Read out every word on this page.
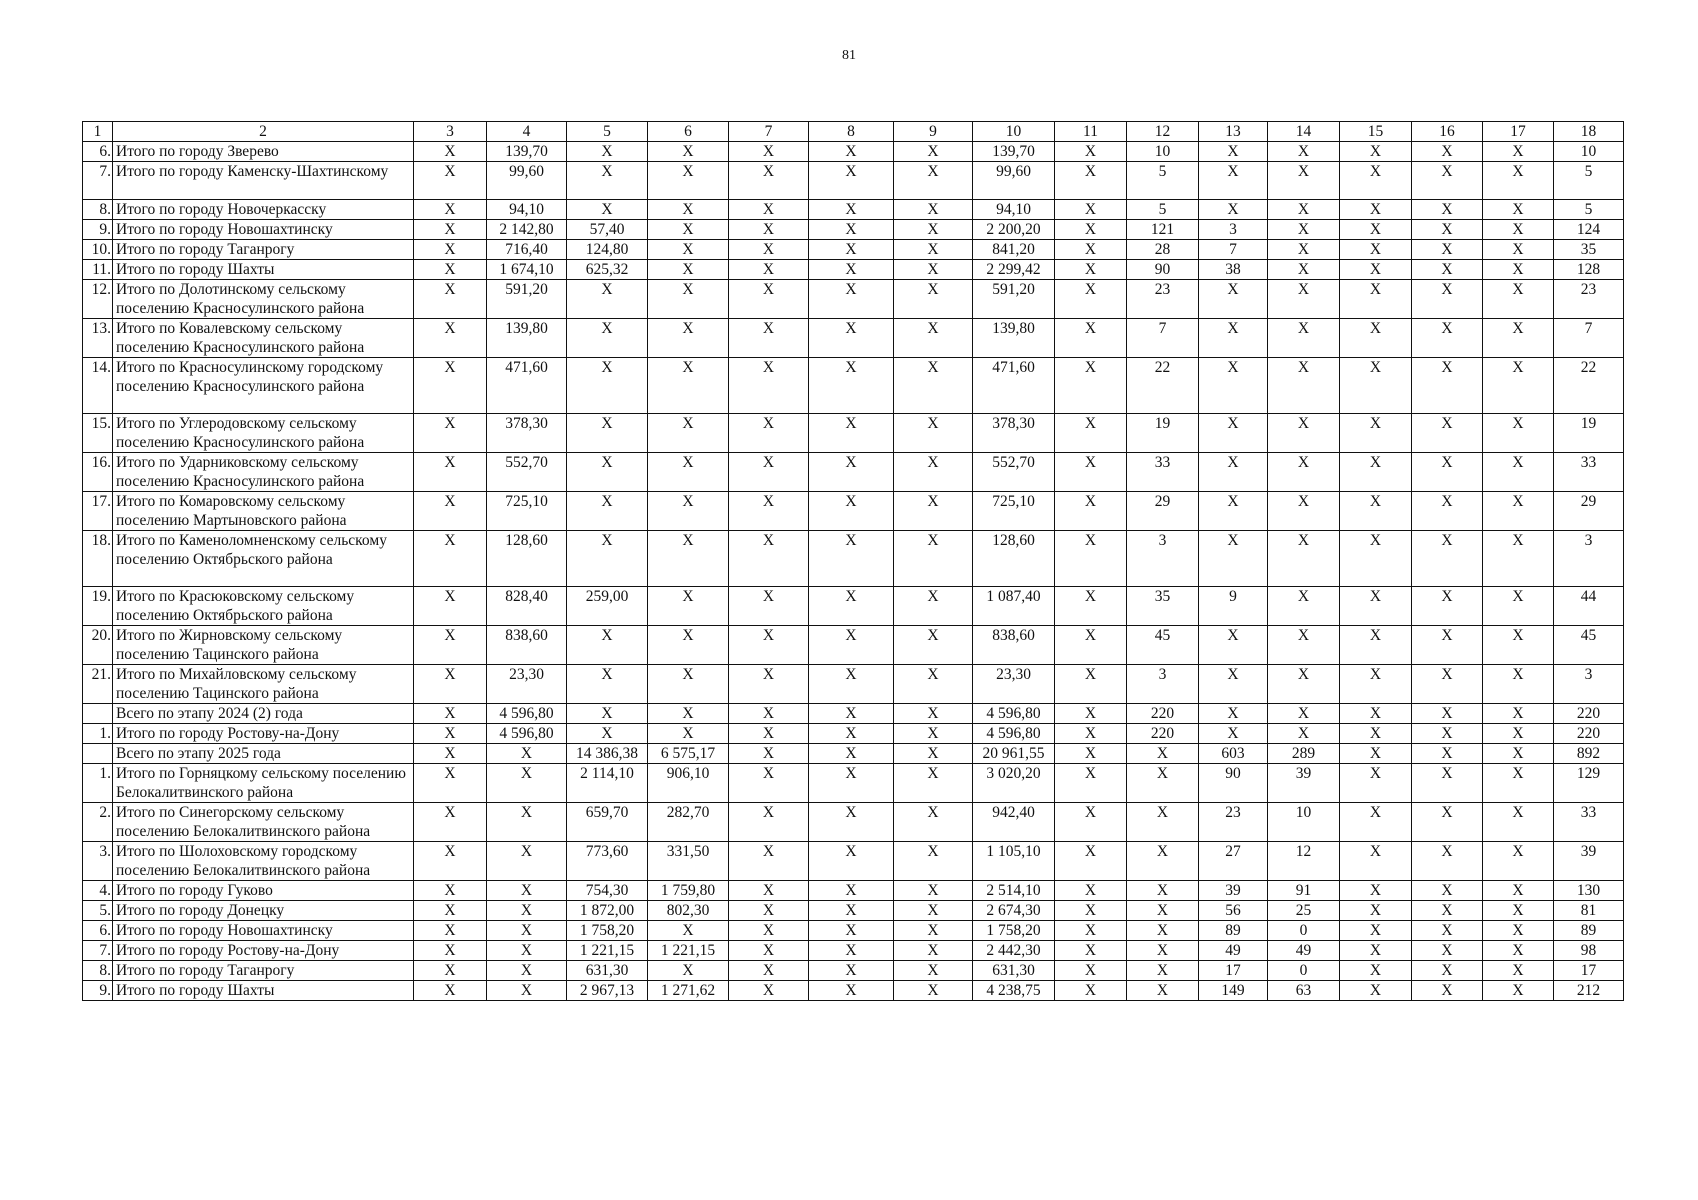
81
1	2	3	4	5	6	7	8	9	10	11	12	13	14	15	16	17	18
6.	Итого по городу Зверево	X	139,70	X	X	X	X	X	139,70	X	10	X	X	X	X	X	10
7.	Итого по городу Каменску-Шахтинскому	X	99,60	X	X	X	X	X	99,60	X	5	X	X	X	X	X	5
8.	Итого по городу Новочеркасску	X	94,10	X	X	X	X	X	94,10	X	5	X	X	X	X	X	5
9.	Итого по городу Новошахтинску	X	2 142,80	57,40	X	X	X	X	2 200,20	X	121	3	X	X	X	X	124
10.	Итого по городу Таганрогу	X	716,40	124,80	X	X	X	X	841,20	X	28	7	X	X	X	X	35
11.	Итого по городу Шахты	X	1 674,10	625,32	X	X	X	X	2 299,42	X	90	38	X	X	X	X	128
12.	Итого по Долотинскому сельскому поселению Красносулинского района	X	591,20	X	X	X	X	X	591,20	X	23	X	X	X	X	X	23
13.	Итого по Ковалевскому сельскому поселению Красносулинского района	X	139,80	X	X	X	X	X	139,80	X	7	X	X	X	X	X	7
14.	Итого по Красносулинскому городскому поселению Красносулинского района	X	471,60	X	X	X	X	X	471,60	X	22	X	X	X	X	X	22
15.	Итого по Углеродовскому сельскому поселению Красносулинского района	X	378,30	X	X	X	X	X	378,30	X	19	X	X	X	X	X	19
16.	Итого по Ударниковскому сельскому поселению Красносулинского района	X	552,70	X	X	X	X	X	552,70	X	33	X	X	X	X	X	33
17.	Итого по Комаровскому сельскому поселению Мартыновского района	X	725,10	X	X	X	X	X	725,10	X	29	X	X	X	X	X	29
18.	Итого по Каменоломненскому сельскому поселению Октябрьского района	X	128,60	X	X	X	X	X	128,60	X	3	X	X	X	X	X	3
19.	Итого по Красюковскому сельскому поселению Октябрьского района	X	828,40	259,00	X	X	X	X	1 087,40	X	35	9	X	X	X	X	44
20.	Итого по Жирновскому сельскому поселению Тацинского района	X	838,60	X	X	X	X	X	838,60	X	45	X	X	X	X	X	45
21.	Итого по Михайловскому сельскому поселению Тацинского района	X	23,30	X	X	X	X	X	23,30	X	3	X	X	X	X	X	3
	Всего по этапу 2024 (2) года	X	4 596,80	X	X	X	X	X	4 596,80	X	220	X	X	X	X	X	220
1.	Итого по городу Ростову-на-Дону	X	4 596,80	X	X	X	X	X	4 596,80	X	220	X	X	X	X	X	220
	Всего по этапу 2025 года	X	X	14 386,38	6 575,17	X	X	X	20 961,55	X	X	603	289	X	X	X	892
1.	Итого по Горняцкому сельскому поселению Белокалитвинского района	X	X	2 114,10	906,10	X	X	X	3 020,20	X	X	90	39	X	X	X	129
2.	Итого по Синегорскому сельскому поселению Белокалитвинского района	X	X	659,70	282,70	X	X	X	942,40	X	X	23	10	X	X	X	33
3.	Итого по Шолоховскому городскому поселению Белокалитвинского района	X	X	773,60	331,50	X	X	X	1 105,10	X	X	27	12	X	X	X	39
4.	Итого по городу Гуково	X	X	754,30	1 759,80	X	X	X	2 514,10	X	X	39	91	X	X	X	130
5.	Итого по городу Донецку	X	X	1 872,00	802,30	X	X	X	2 674,30	X	X	56	25	X	X	X	81
6.	Итого по городу Новошахтинску	X	X	1 758,20	X	X	X	X	1 758,20	X	X	89	0	X	X	X	89
7.	Итого по городу Ростову-на-Дону	X	X	1 221,15	1 221,15	X	X	X	2 442,30	X	X	49	49	X	X	X	98
8.	Итого по городу Таганрогу	X	X	631,30	X	X	X	X	631,30	X	X	17	0	X	X	X	17
9.	Итого по городу Шахты	X	X	2 967,13	1 271,62	X	X	X	4 238,75	X	X	149	63	X	X	X	212
